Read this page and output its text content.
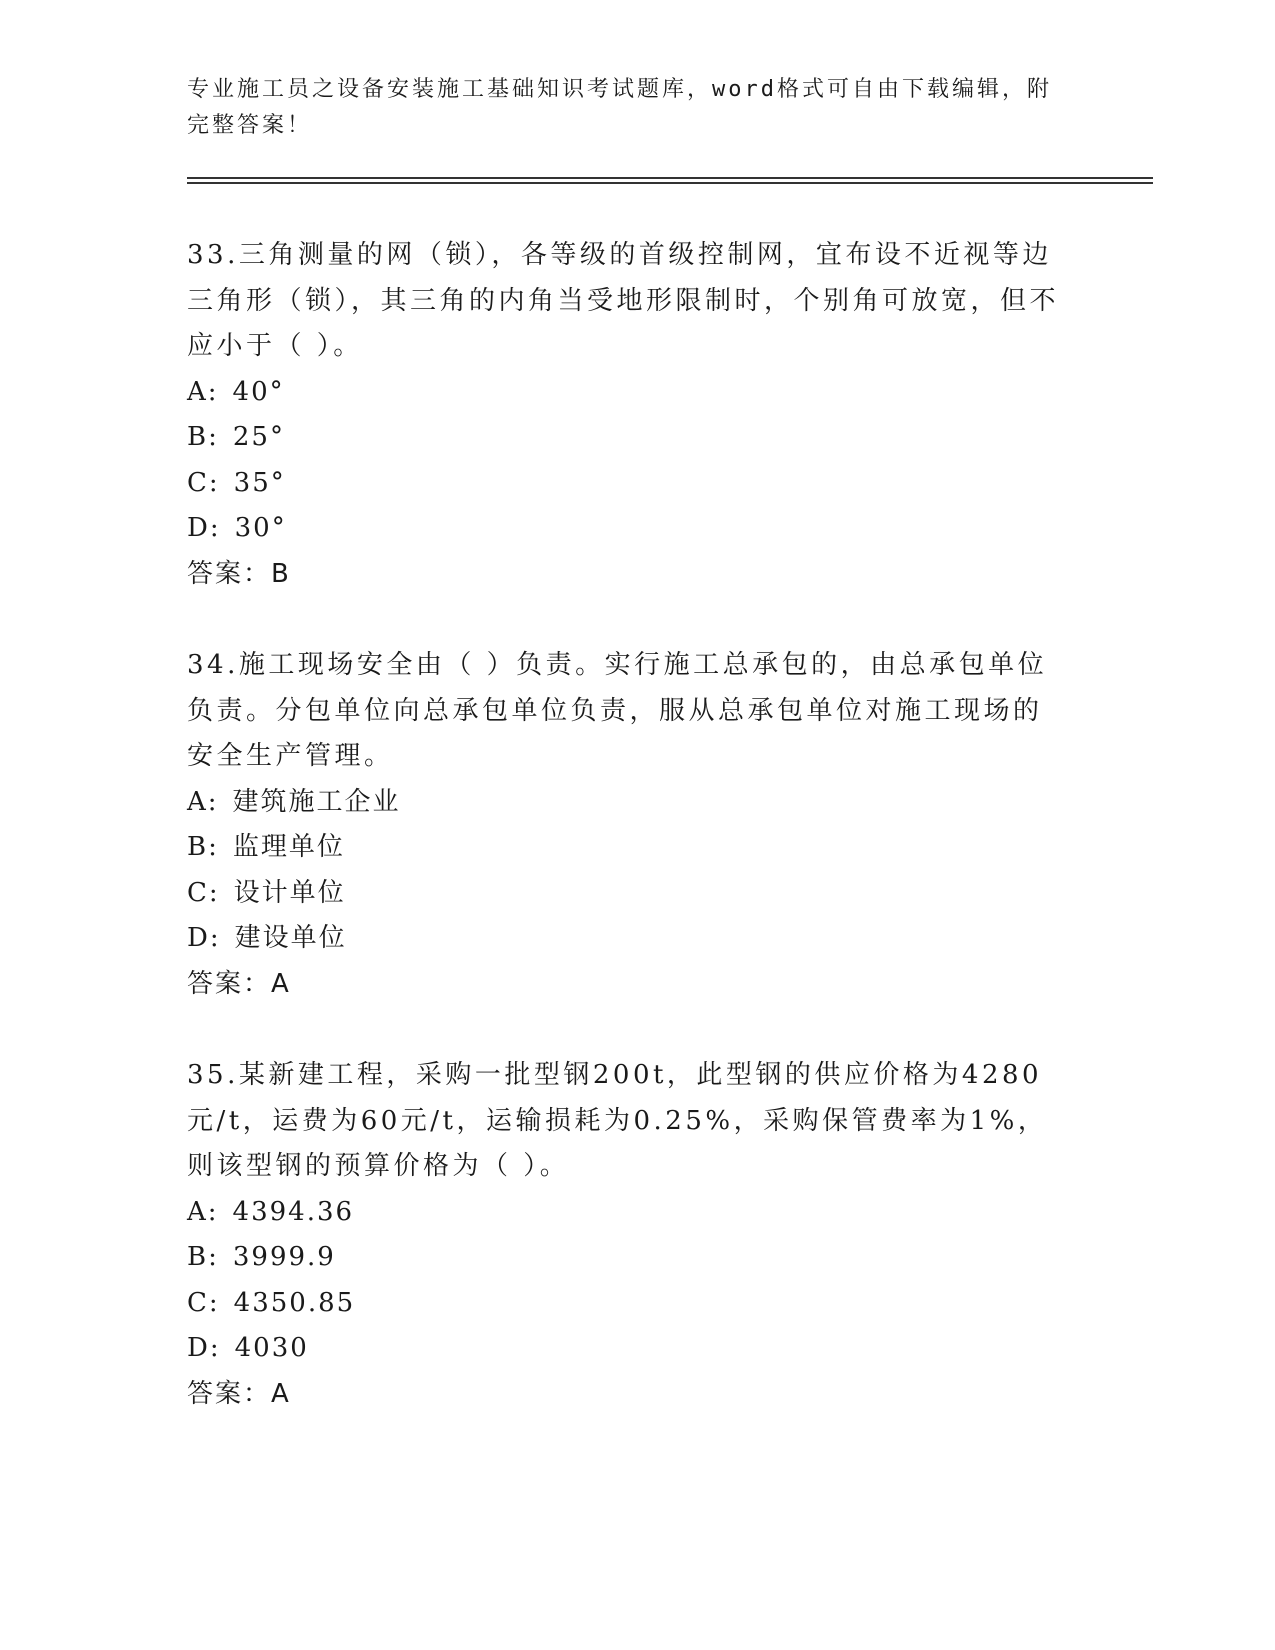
专业施工员之设备安装施工基础知识考试题库，word格式可自由下载编辑，附完整答案！

33.三角测量的网（锁），各等级的首级控制网，宜布设不近视等边三角形（锁），其三角的内角当受地形限制时，个别角可放宽，但不应小于（ ）。

A: 40°
B: 25°
C: 35°
D: 30°
答案：B

34.施工现场安全由（ ）负责。实行施工总承包的，由总承包单位负责。分包单位向总承包单位负责，服从总承包单位对施工现场的安全生产管理。

A: 建筑施工企业
B: 监理单位
C: 设计单位
D: 建设单位
答案：A

35.某新建工程，采购一批型钢200t，此型钢的供应价格为4280元/t，运费为60元/t，运输损耗为0.25%，采购保管费率为1%，则该型钢的预算价格为（ ）。

A: 4394.36
B: 3999.9
C: 4350.85
D: 4030
答案：A
